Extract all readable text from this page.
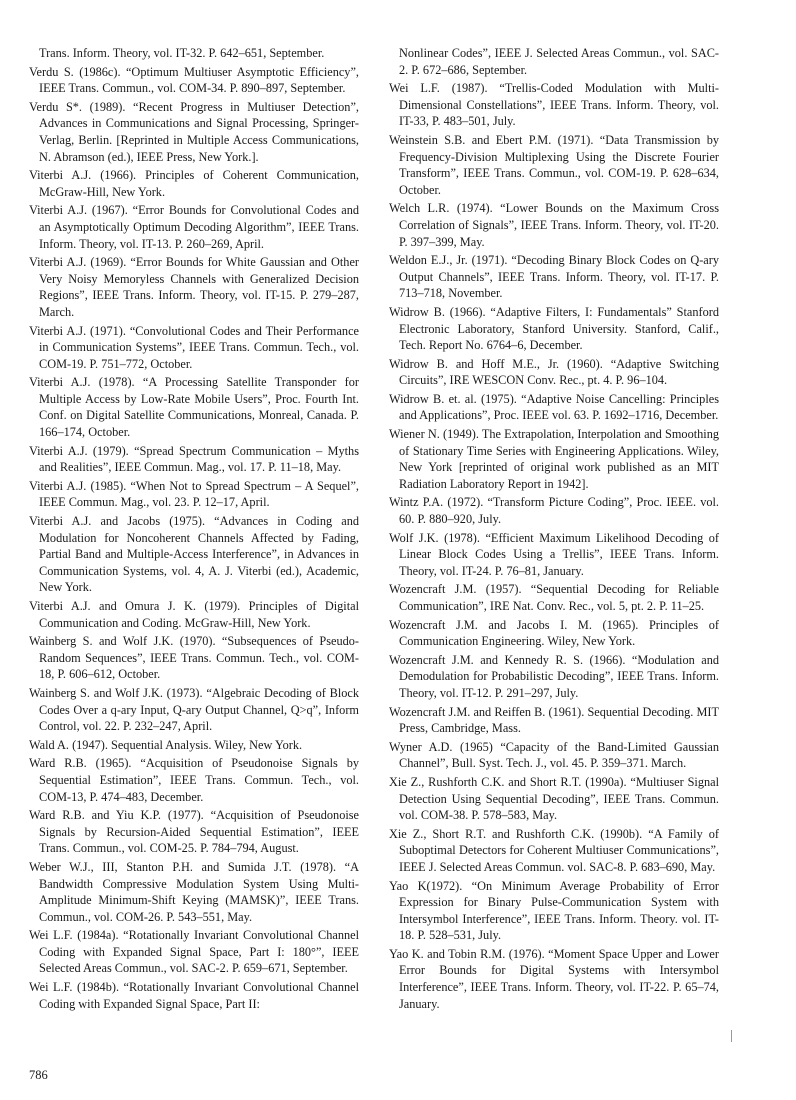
Trans. Inform. Theory, vol. IT-32. P. 642–651, September.

Verdu S. (1986c). “Optimum Multiuser Asymptotic Efficiency”, IEEE Trans. Commun., vol. COM-34. P. 890–897, September.

Verdu S*. (1989). “Recent Progress in Multiuser Detection”, Advances in Communications and Signal Processing, Springer-Verlag, Berlin. [Reprinted in Multiple Access Communications, N. Abramson (ed.), IEEE Press, New York.].

Viterbi A.J. (1966). Principles of Coherent Communication, McGraw-Hill, New York.

Viterbi A.J. (1967). “Error Bounds for Convolutional Codes and an Asymptotically Optimum Decoding Algorithm”, IEEE Trans. Inform. Theory, vol. IT-13. P. 260–269, April.

Viterbi A.J. (1969). “Error Bounds for White Gaussian and Other Very Noisy Memoryless Channels with Generalized Decision Regions”, IEEE Trans. Inform. Theory, vol. IT-15. P. 279–287, March.

Viterbi A.J. (1971). “Convolutional Codes and Their Performance in Communication Systems”, IEEE Trans. Commun. Tech., vol. COM-19. P. 751–772, October.

Viterbi A.J. (1978). “A Processing Satellite Transponder for Multiple Access by Low-Rate Mobile Users”, Proc. Fourth Int. Conf. on Digital Satellite Communications, Monreal, Canada. P. 166–174, October.

Viterbi A.J. (1979). “Spread Spectrum Communication – Myths and Realities”, IEEE Commun. Mag., vol. 17. P. 11–18, May.

Viterbi A.J. (1985). “When Not to Spread Spectrum – A Sequel”, IEEE Commun. Mag., vol. 23. P. 12–17, April.

Viterbi A.J. and Jacobs (1975). “Advances in Coding and Modulation for Noncoherent Channels Affected by Fading, Partial Band and Multiple-Access Interference”, in Advances in Communication Systems, vol. 4, A. J. Viterbi (ed.), Academic, New York.

Viterbi A.J. and Omura J. K. (1979). Principles of Digital Communication and Coding. McGraw-Hill, New York.

Wainberg S. and Wolf J.K. (1970). “Subsequences of Pseudo-Random Sequences”, IEEE Trans. Commun. Tech., vol. COM-18, P. 606–612, October.

Wainberg S. and Wolf J.K. (1973). “Algebraic Decoding of Block Codes Over a q-ary Input, Q-ary Output Channel, Q>q”, Inform Control, vol. 22. P. 232–247, April.

Wald A. (1947). Sequential Analysis. Wiley, New York.

Ward R.B. (1965). “Acquisition of Pseudonoise Signals by Sequential Estimation”, IEEE Trans. Commun. Tech., vol. COM-13, P. 474–483, December.

Ward R.B. and Yiu K.P. (1977). “Acquisition of Pseudonoise Signals by Recursion-Aided Sequential Estimation”, IEEE Trans. Commun., vol. COM-25. P. 784–794, August.

Weber W.J., III, Stanton P.H. and Sumida J.T. (1978). “A Bandwidth Compressive Modulation System Using Multi-Amplitude Minimum-Shift Keying (MAMSK)”, IEEE Trans. Commun., vol. COM-26. P. 543–551, May.

Wei L.F. (1984a). “Rotationally Invariant Convolutional Channel Coding with Expanded Signal Space, Part I: 180°”, IEEE Selected Areas Commun., vol. SAC-2. P. 659–671, September.

Wei L.F. (1984b). “Rotationally Invariant Convolutional Channel Coding with Expanded Signal Space, Part II:

Nonlinear Codes”, IEEE J. Selected Areas Commun., vol. SAC-2. P. 672–686, September.

Wei L.F. (1987). “Trellis-Coded Modulation with Multi-Dimensional Constellations”, IEEE Trans. Inform. Theory, vol. IT-33, P. 483–501, July.

Weinstein S.B. and Ebert P.M. (1971). “Data Transmission by Frequency-Division Multiplexing Using the Discrete Fourier Transform”, IEEE Trans. Commun., vol. COM-19. P. 628–634, October.

Welch L.R. (1974). “Lower Bounds on the Maximum Cross Correlation of Signals”, IEEE Trans. Inform. Theory, vol. IT-20. P. 397–399, May.

Weldon E.J., Jr. (1971). “Decoding Binary Block Codes on Q-ary Output Channels”, IEEE Trans. Inform. Theory, vol. IT-17. P. 713–718, November.

Widrow B. (1966). “Adaptive Filters, I: Fundamentals” Stanford Electronic Laboratory, Stanford University. Stanford, Calif., Tech. Report No. 6764–6, December.

Widrow B. and Hoff M.E., Jr. (1960). “Adaptive Switching Circuits”, IRE WESCON Conv. Rec., pt. 4. P. 96–104.

Widrow B. et. al. (1975). “Adaptive Noise Cancelling: Principles and Applications”, Proc. IEEE vol. 63. P. 1692–1716, December.

Wiener N. (1949). The Extrapolation, Interpolation and Smoothing of Stationary Time Series with Engineering Applications. Wiley, New York [reprinted of original work published as an MIT Radiation Laboratory Report in 1942].

Wintz P.A. (1972). “Transform Picture Coding”, Proc. IEEE. vol. 60. P. 880–920, July.

Wolf J.K. (1978). “Efficient Maximum Likelihood Decoding of Linear Block Codes Using a Trellis”, IEEE Trans. Inform. Theory, vol. IT-24. P. 76–81, January.

Wozencraft J.M. (1957). “Sequential Decoding for Reliable Communication”, IRE Nat. Conv. Rec., vol. 5, pt. 2. P. 11–25.

Wozencraft J.M. and Jacobs I. M. (1965). Principles of Communication Engineering. Wiley, New York.

Wozencraft J.M. and Kennedy R. S. (1966). “Modulation and Demodulation for Probabilistic Decoding”, IEEE Trans. Inform. Theory, vol. IT-12. P. 291–297, July.

Wozencraft J.M. and Reiffen B. (1961). Sequential Decoding. MIT Press, Cambridge, Mass.

Wyner A.D. (1965) “Capacity of the Band-Limited Gaussian Channel”, Bull. Syst. Tech. J., vol. 45. P. 359–371. March.

Xie Z., Rushforth C.K. and Short R.T. (1990a). “Multiuser Signal Detection Using Sequential Decoding”, IEEE Trans. Commun. vol. COM-38. P. 578–583, May.

Xie Z., Short R.T. and Rushforth C.K. (1990b). “A Family of Suboptimal Detectors for Coherent Multiuser Communications”, IEEE J. Selected Areas Commun. vol. SAC-8. P. 683–690, May.

Yao K(1972). “On Minimum Average Probability of Error Expression for Binary Pulse-Communication System with Intersymbol Interference”, IEEE Trans. Inform. Theory. vol. IT-18. P. 528–531, July.

Yao K. and Tobin R.M. (1976). “Moment Space Upper and Lower Error Bounds for Digital Systems with Intersymbol Interference”, IEEE Trans. Inform. Theory, vol. IT-22. P. 65–74, January.

786
